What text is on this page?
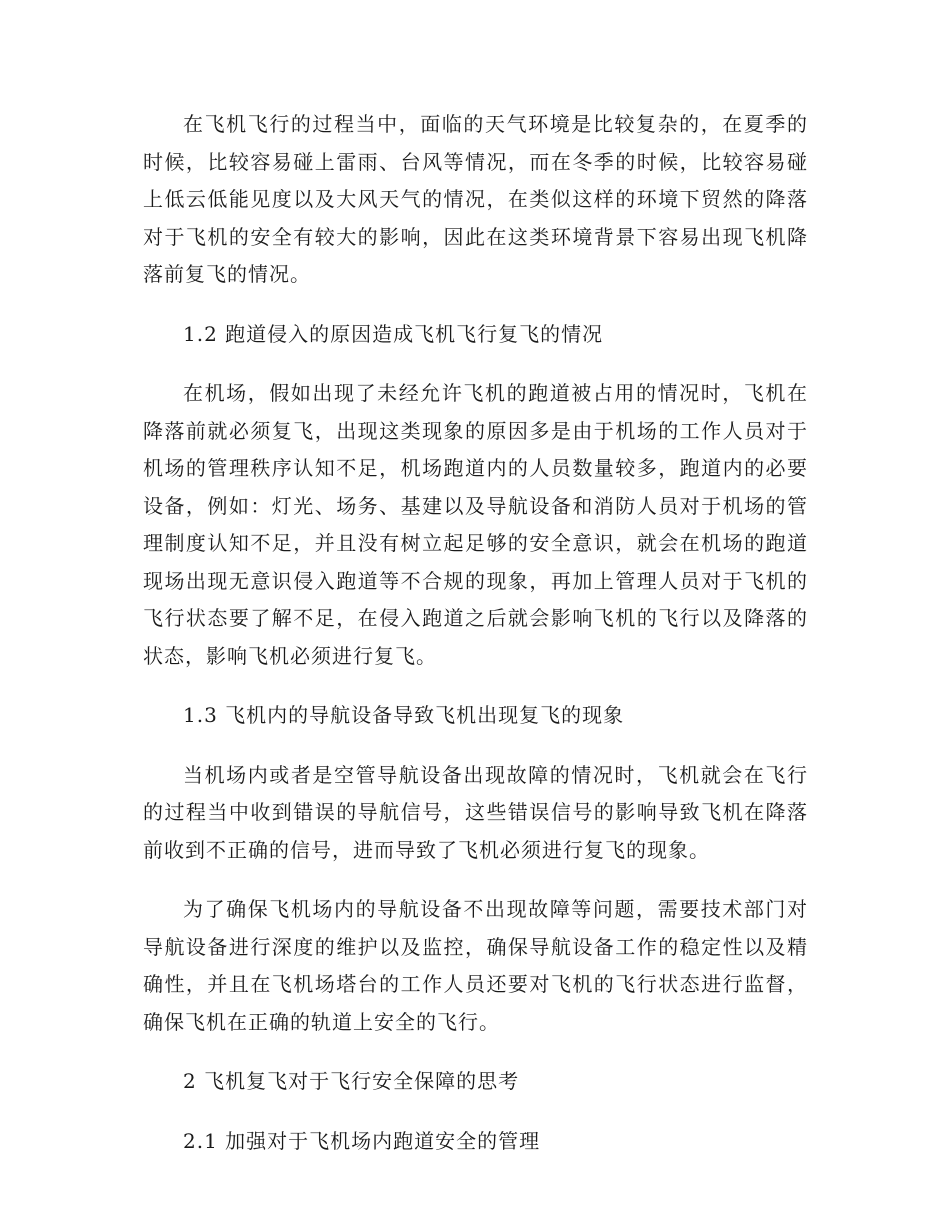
在飞机飞行的过程当中，面临的天气环境是比较复杂的，在夏季的时候，比较容易碰上雷雨、台风等情况，而在冬季的时候，比较容易碰上低云低能见度以及大风天气的情况，在类似这样的环境下贸然的降落对于飞机的安全有较大的影响，因此在这类环境背景下容易出现飞机降落前复飞的情况。

1.2 跑道侵入的原因造成飞机飞行复飞的情况

在机场，假如出现了未经允许飞机的跑道被占用的情况时，飞机在降落前就必须复飞，出现这类现象的原因多是由于机场的工作人员对于机场的管理秩序认知不足，机场跑道内的人员数量较多，跑道内的必要设备，例如：灯光、场务、基建以及导航设备和消防人员对于机场的管理制度认知不足，并且没有树立起足够的安全意识，就会在机场的跑道现场出现无意识侵入跑道等不合规的现象，再加上管理人员对于飞机的飞行状态要了解不足，在侵入跑道之后就会影响飞机的飞行以及降落的状态，影响飞机必须进行复飞。

1.3 飞机内的导航设备导致飞机出现复飞的现象

当机场内或者是空管导航设备出现故障的情况时，飞机就会在飞行的过程当中收到错误的导航信号，这些错误信号的影响导致飞机在降落前收到不正确的信号，进而导致了飞机必须进行复飞的现象。

为了确保飞机场内的导航设备不出现故障等问题，需要技术部门对导航设备进行深度的维护以及监控，确保导航设备工作的稳定性以及精确性，并且在飞机场塔台的工作人员还要对飞机的飞行状态进行监督，确保飞机在正确的轨道上安全的飞行。

2 飞机复飞对于飞行安全保障的思考

2.1 加强对于飞机场内跑道安全的管理
